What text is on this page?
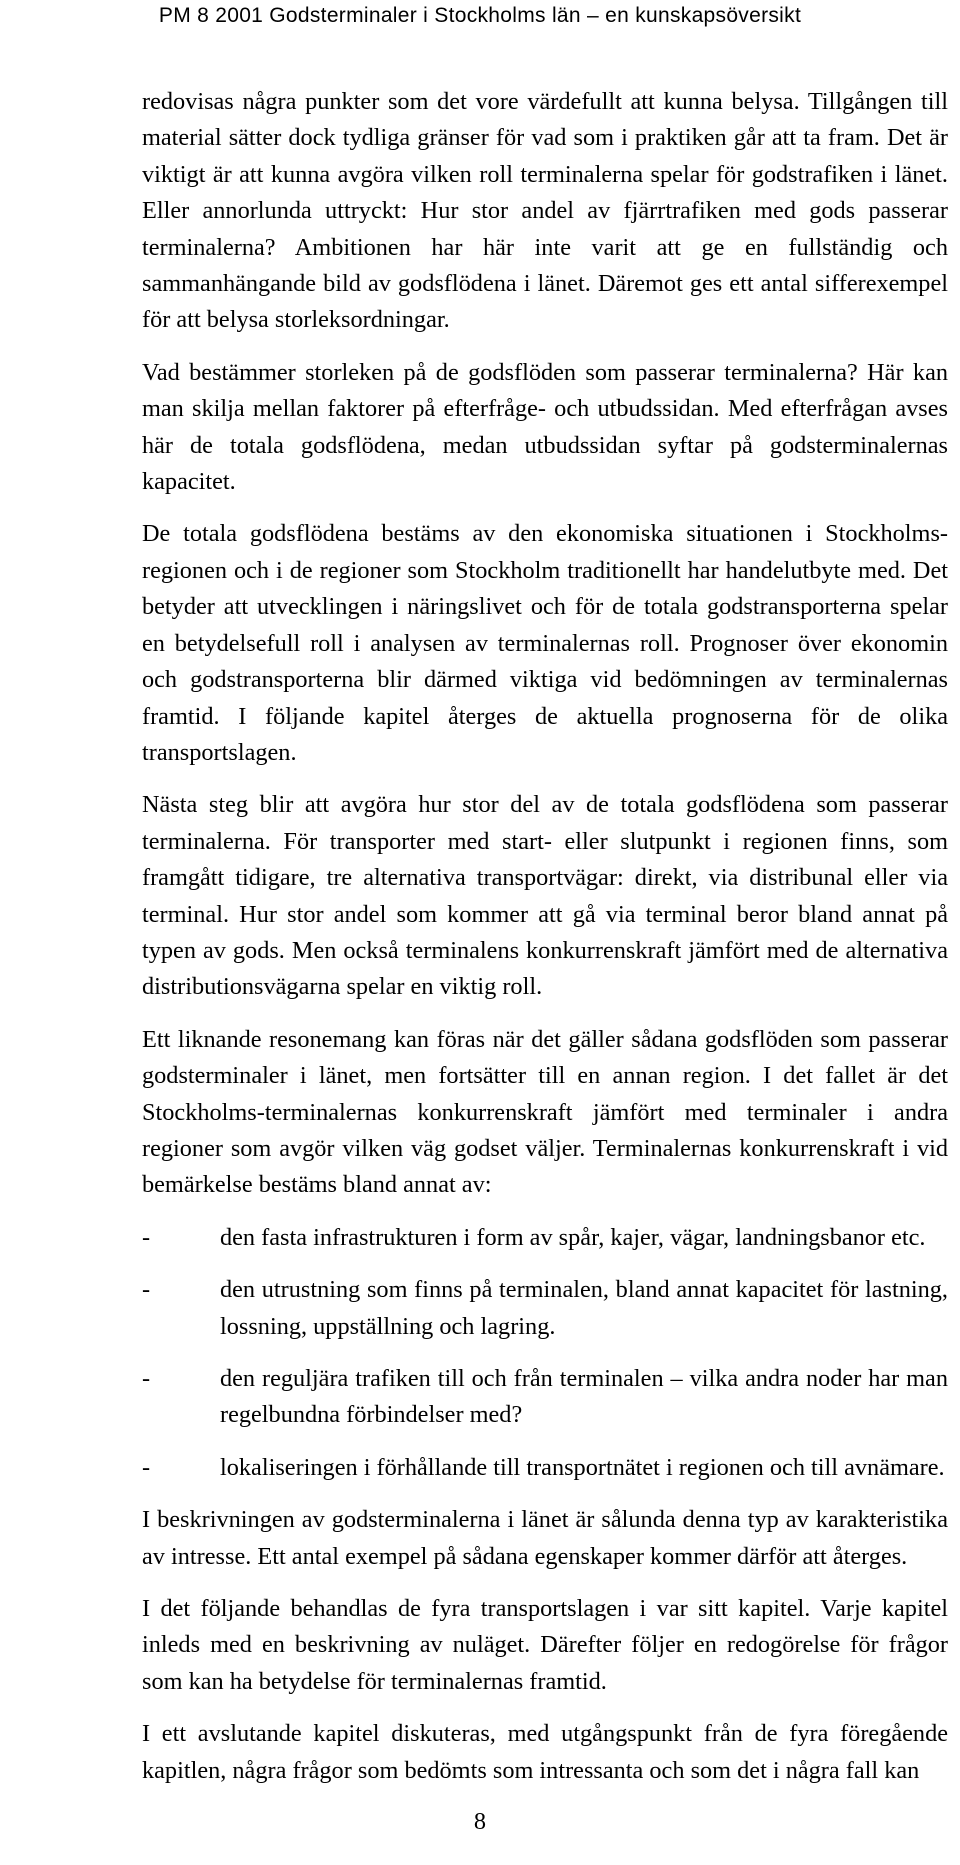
PM 8 2001 Godsterminaler i Stockholms län – en kunskapsöversikt

redovisas några punkter som det vore värdefullt att kunna belysa. Tillgången till material sätter dock tydliga gränser för vad som i praktiken går att ta fram. Det är viktigt är att kunna avgöra vilken roll terminalerna spelar för godstrafiken i länet. Eller annorlunda uttryckt: Hur stor andel av fjärrtrafiken med gods passerar terminalerna? Ambitionen har här inte varit att ge en fullständig och sammanhängande bild av godsflödena i länet. Däremot ges ett antal sifferexempel för att belysa storleksordningar.

Vad bestämmer storleken på de godsflöden som passerar terminalerna? Här kan man skilja mellan faktorer på efterfråge- och utbudssidan. Med efterfrågan avses här de totala godsflödena, medan utbudssidan syftar på godsterminalernas kapacitet.

De totala godsflödena bestäms av den ekonomiska situationen i Stockholms-regionen och i de regioner som Stockholm traditionellt har handelutbyte med. Det betyder att utvecklingen i näringslivet och för de totala godstransporterna spelar en betydelsefull roll i analysen av terminalernas roll. Prognoser över ekonomin och godstransporterna blir därmed viktiga vid bedömningen av terminalernas framtid. I följande kapitel återges de aktuella prognoserna för de olika transportslagen.

Nästa steg blir att avgöra hur stor del av de totala godsflödena som passerar terminalerna. För transporter med start- eller slutpunkt i regionen finns, som framgått tidigare, tre alternativa transportvägar: direkt, via distribunal eller via terminal. Hur stor andel som kommer att gå via terminal beror bland annat på typen av gods. Men också terminalens konkurrenskraft jämfört med de alternativa distributionsvägarna spelar en viktig roll.

Ett liknande resonemang kan föras när det gäller sådana godsflöden som passerar godsterminaler i länet, men fortsätter till en annan region. I det fallet är det Stockholms-terminalernas konkurrenskraft jämfört med terminaler i andra regioner som avgör vilken väg godset väljer. Terminalernas konkurrenskraft i vid bemärkelse bestäms bland annat av:

-	den fasta infrastrukturen i form av spår, kajer, vägar, landningsbanor etc.
-	den utrustning som finns på terminalen, bland annat kapacitet för lastning, lossning, uppställning och lagring.
-	den reguljära trafiken till och från terminalen – vilka andra noder har man regelbundna förbindelser med?
-	lokaliseringen i förhållande till transportnätet i regionen och till avnämare.

I beskrivningen av godsterminalerna i länet är sålunda denna typ av karakteristika av intresse. Ett antal exempel på sådana egenskaper kommer därför att återges.

I det följande behandlas de fyra transportslagen i var sitt kapitel. Varje kapitel inleds med en beskrivning av nuläget. Därefter följer en redogörelse för frågor som kan ha betydelse för terminalernas framtid.

I ett avslutande kapitel diskuteras, med utgångspunkt från de fyra föregående kapitlen, några frågor som bedömts som intressanta och som det i några fall kan

8
